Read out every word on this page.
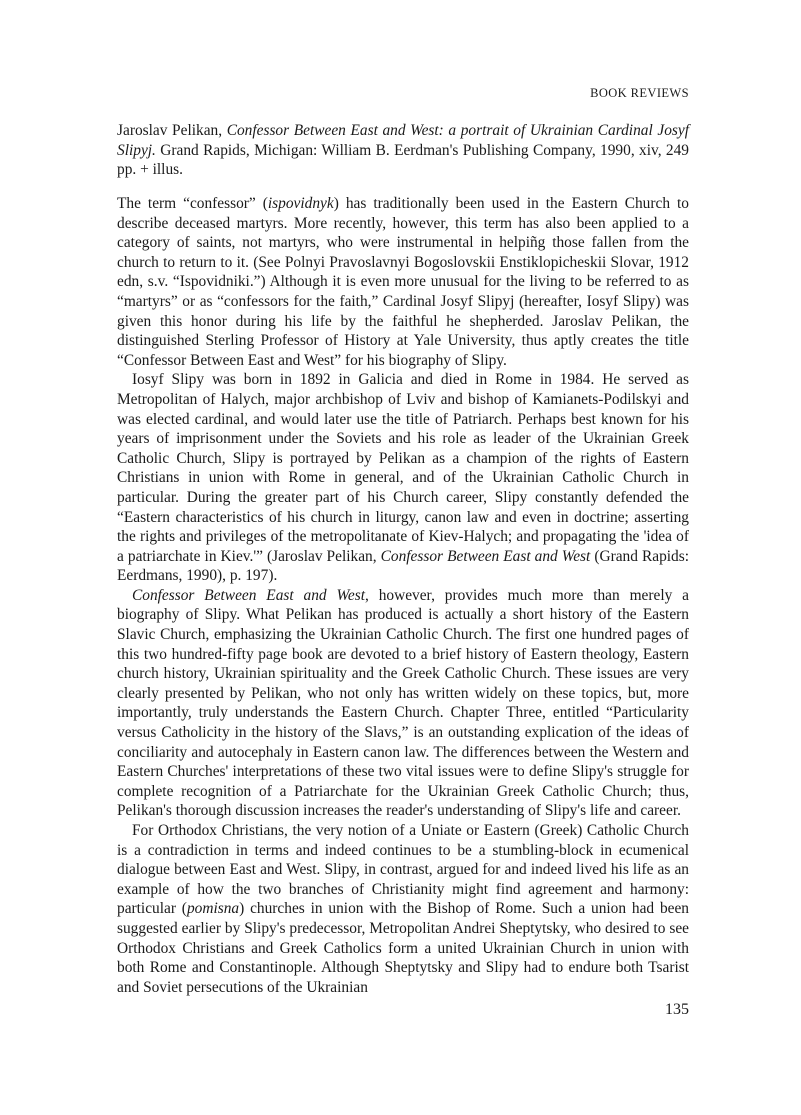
BOOK REVIEWS

Jaroslav Pelikan, Confessor Between East and West: a portrait of Ukrainian Cardinal Josyf Slipyj. Grand Rapids, Michigan: William B. Eerdman's Publishing Company, 1990, xiv, 249 pp. + illus.

The term “confessor” (ispovidnyk) has traditionally been used in the Eastern Church to describe deceased martyrs. More recently, however, this term has also been applied to a category of saints, not martyrs, who were instrumental in helpiñg those fallen from the church to return to it. (See Polnyi Pravoslavnyi Bogoslovskii Enstiklopicheskii Slovar, 1912 edn, s.v. “Ispovidniki.”) Although it is even more unusual for the living to be referred to as “martyrs” or as “confessors for the faith,” Cardinal Josyf Slipyj (hereafter, Iosyf Slipy) was given this honor during his life by the faithful he shepherded. Jaroslav Pelikan, the distinguished Sterling Professor of History at Yale University, thus aptly creates the title “Confessor Between East and West” for his biography of Slipy.

Iosyf Slipy was born in 1892 in Galicia and died in Rome in 1984. He served as Metropolitan of Halych, major archbishop of Lviv and bishop of Kamianets-Podilskyi and was elected cardinal, and would later use the title of Patriarch. Perhaps best known for his years of imprisonment under the Soviets and his role as leader of the Ukrainian Greek Catholic Church, Slipy is portrayed by Pelikan as a champion of the rights of Eastern Christians in union with Rome in general, and of the Ukrainian Catholic Church in particular. During the greater part of his Church career, Slipy constantly defended the “Eastern characteristics of his church in liturgy, canon law and even in doctrine; asserting the rights and privileges of the metropolitanate of Kiev-Halych; and propagating the 'idea of a patriarchate in Kiev.'” (Jaroslav Pelikan, Confessor Between East and West (Grand Rapids: Eerdmans, 1990), p. 197).

Confessor Between East and West, however, provides much more than merely a biography of Slipy. What Pelikan has produced is actually a short history of the Eastern Slavic Church, emphasizing the Ukrainian Catholic Church. The first one hundred pages of this two hundred-fifty page book are devoted to a brief history of Eastern theology, Eastern church history, Ukrainian spirituality and the Greek Catholic Church. These issues are very clearly presented by Pelikan, who not only has written widely on these topics, but, more importantly, truly understands the Eastern Church. Chapter Three, entitled “Particularity versus Catholicity in the history of the Slavs,” is an outstanding explication of the ideas of conciliarity and autocephaly in Eastern canon law. The differences between the Western and Eastern Churches' interpretations of these two vital issues were to define Slipy's struggle for complete recognition of a Patriarchate for the Ukrainian Greek Catholic Church; thus, Pelikan's thorough discussion increases the reader's understanding of Slipy's life and career.

For Orthodox Christians, the very notion of a Uniate or Eastern (Greek) Catholic Church is a contradiction in terms and indeed continues to be a stumbling-block in ecumenical dialogue between East and West. Slipy, in contrast, argued for and indeed lived his life as an example of how the two branches of Christianity might find agreement and harmony: particular (pomisna) churches in union with the Bishop of Rome. Such a union had been suggested earlier by Slipy's predecessor, Metropolitan Andrei Sheptytsky, who desired to see Orthodox Christians and Greek Catholics form a united Ukrainian Church in union with both Rome and Constantinople. Although Sheptytsky and Slipy had to endure both Tsarist and Soviet persecutions of the Ukrainian

135
